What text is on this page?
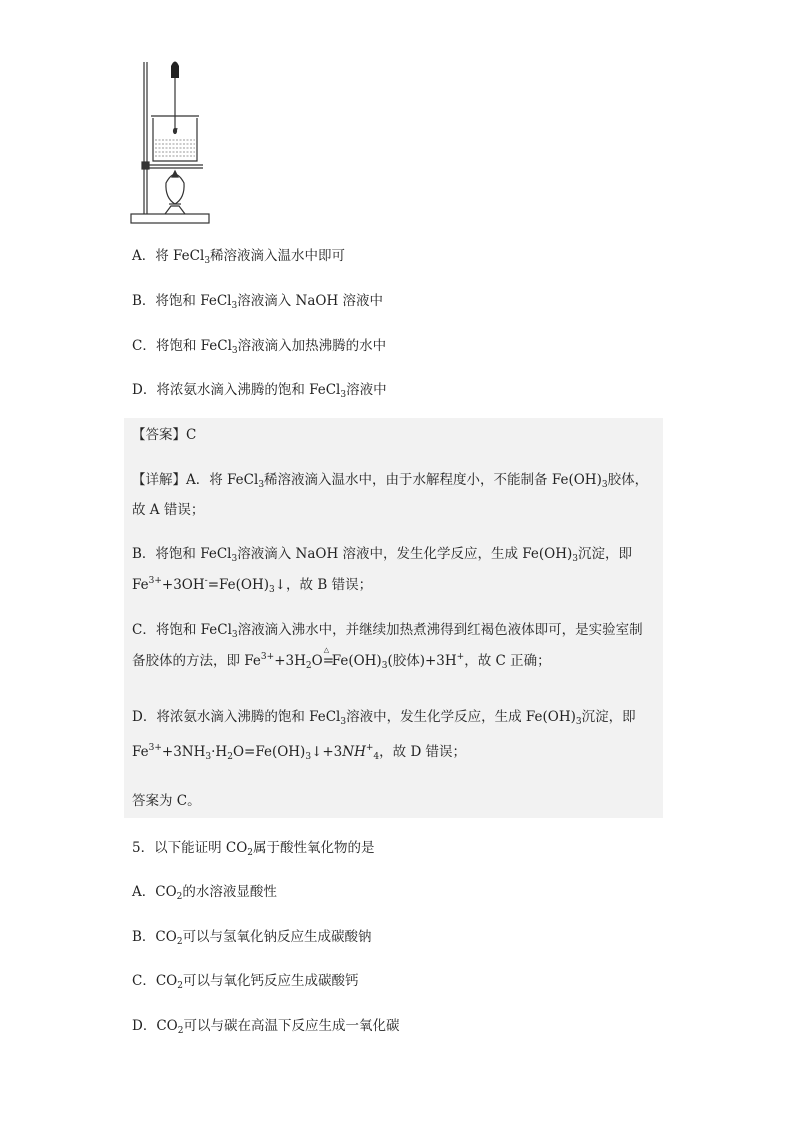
A．将 FeCl$_3$稀溶液滴入温水中即可
B．将饱和 FeCl$_3$溶液滴入 NaOH 溶液中
C．将饱和 FeCl$_3$溶液滴入加热沸腾的水中
D．将浓氨水滴入沸腾的饱和 FeCl$_3$溶液中
【答案】C
【详解】A．将 FeCl$_3$稀溶液滴入温水中，由于水解程度小，不能制备 $Fe(OH)_3$胶体，
故 A 错误；
B．将饱和 FeCl$_3$溶液滴入 NaOH 溶液中，发生化学反应，生成 $Fe(OH)_3$沉淀，即
$Fe^{3+}+3OH^-=Fe(OH)_3↓$，故 B 错误；
C．将饱和 FeCl$_3$溶液滴入沸水中，并继续加热煮沸得到红褐色液体即可，是实验室制
备胶体的方法，即 $Fe^{3+}+3H_2O$
△
$=Fe(OH)_3$(胶体)+3H+，故 C 正确；
D．将浓氨水滴入沸腾的饱和 FeCl$_3$溶液中，发生化学反应，生成 $Fe(OH)_3$沉淀，即
$Fe^{3+}+3NH_3\cdot H_2O=Fe(OH)_3↓+3NH^+_4$，故 D 错误；
答案为 C。
5．以下能证明 $CO_2$属于酸性氧化物的是
A．$CO_2$的水溶液显酸性
B．$CO_2$可以与氢氧化钠反应生成碳酸钠
C．$CO_2$可以与氧化钙反应生成碳酸钙
D．$CO_2$可以与碳在高温下反应生成一氧化碳
